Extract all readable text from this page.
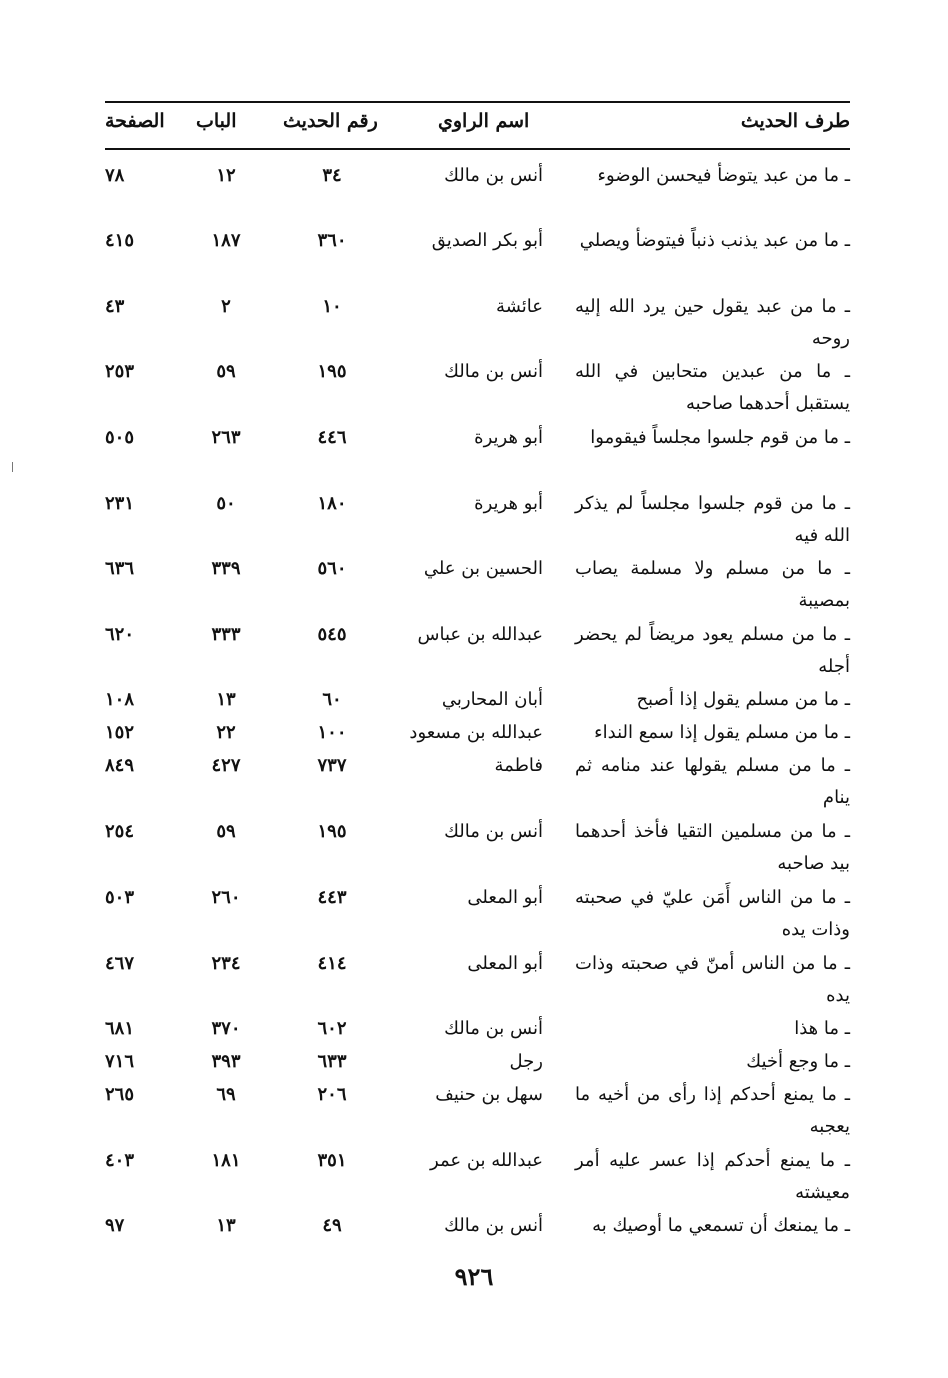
طرف الحديث
اسم الراوي
رقم الحديث
الباب
الصفحة
ـ ما من عبد يتوضأ فيحسن الوضوء
أنس بن مالك
٣٤
١٢
٧٨
ـ ما من عبد يذنب ذنباً فيتوضأ ويصلي
أبو بكر الصديق
٣٦٠
١٨٧
٤١٥
ـ ما من عبد يقول حين يرد الله إليه روحه
عائشة
١٠
٢
٤٣
ـ ما من عبدين متحابين في الله يستقبل أحدهما صاحبه
أنس بن مالك
١٩٥
٥٩
٢٥٣
ـ ما من قوم جلسوا مجلساً فيقوموا
أبو هريرة
٤٤٦
٢٦٣
٥٠٥
ـ ما من قوم جلسوا مجلساً لم يذكر الله فيه
أبو هريرة
١٨٠
٥٠
٢٣١
ـ ما من مسلم ولا مسلمة يصاب بمصيبة
الحسين بن علي
٥٦٠
٣٣٩
٦٣٦
ـ ما من مسلم يعود مريضاً لم يحضر أجله
عبدالله بن عباس
٥٤٥
٣٣٣
٦٢٠
ـ ما من مسلم يقول إذا أصبح
أبان المحاربي
٦٠
١٣
١٠٨
ـ ما من مسلم يقول إذا سمع النداء
عبدالله بن مسعود
١٠٠
٢٢
١٥٢
ـ ما من مسلم يقولها عند منامه ثم ينام
فاطمة
٧٣٧
٤٢٧
٨٤٩
ـ ما من مسلمين التقيا فأخذ أحدهما بيد صاحبه
أنس بن مالك
١٩٥
٥٩
٢٥٤
ـ ما من الناس أَمَن عليّ في صحبته وذات يده
أبو المعلى
٤٤٣
٢٦٠
٥٠٣
ـ ما من الناس أمنّ في صحبته وذات يده
أبو المعلى
٤١٤
٢٣٤
٤٦٧
ـ ما هذا
أنس بن مالك
٦٠٢
٣٧٠
٦٨١
ـ ما وجع أخيك
رجل
٦٣٣
٣٩٣
٧١٦
ـ ما يمنع أحدكم إذا رأى من أخيه ما يعجبه
سهل بن حنيف
٢٠٦
٦٩
٢٦٥
ـ ما يمنع أحدكم إذا عسر عليه أمر معيشته
عبدالله بن عمر
٣٥١
١٨١
٤٠٣
ـ ما يمنعك أن تسمعي ما أوصيك به
أنس بن مالك
٤٩
١٣
٩٧
٩٢٦
